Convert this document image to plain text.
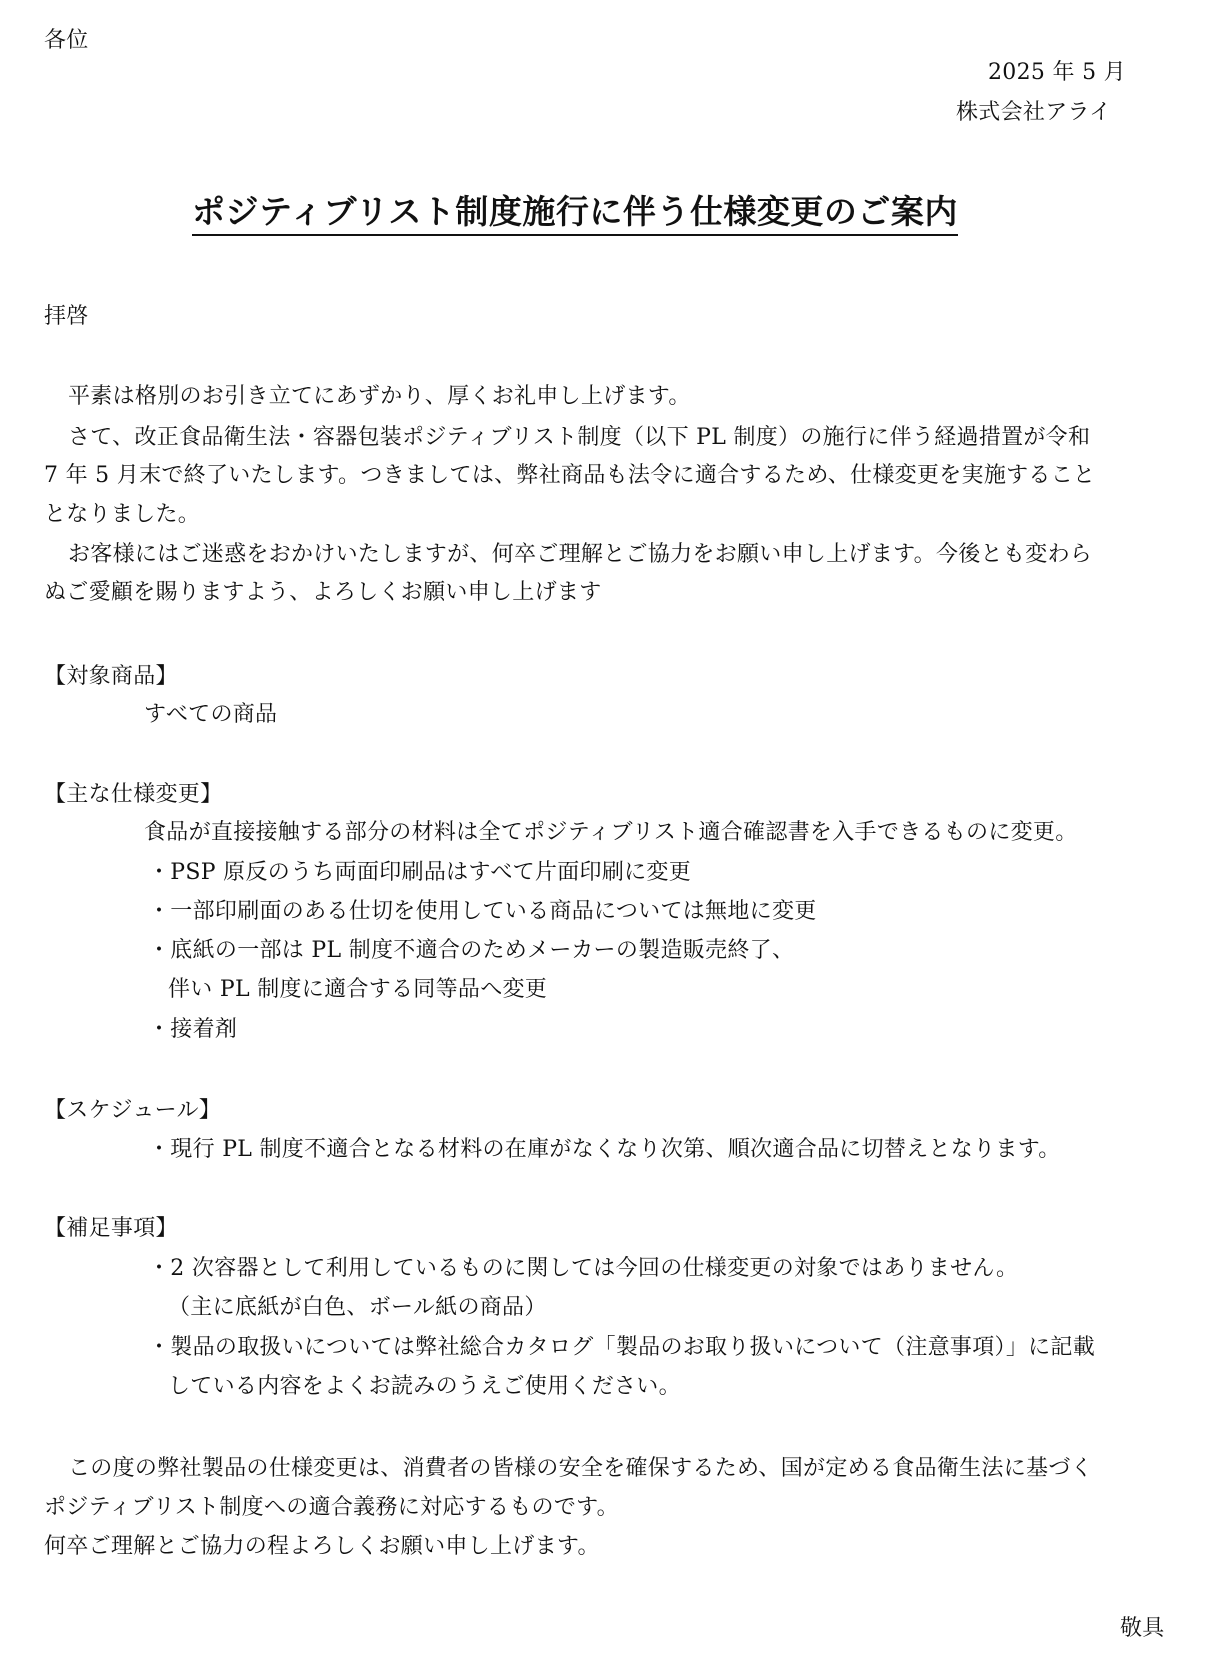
各位
2025 年 5 月
株式会社アライ
ポジティブリスト制度施行に伴う仕様変更のご案内
拝啓
平素は格別のお引き立てにあずかり、厚くお礼申し上げます。
さて、改正食品衛生法・容器包装ポジティブリスト制度（以下 PL 制度）の施行に伴う経過措置が令和
7 年 5 月末で終了いたします。つきましては、弊社商品も法令に適合するため、仕様変更を実施すること
となりました。
お客様にはご迷惑をおかけいたしますが、何卒ご理解とご協力をお願い申し上げます。今後とも変わら
ぬご愛顧を賜りますよう、よろしくお願い申し上げます
【対象商品】
すべての商品
【主な仕様変更】
食品が直接接触する部分の材料は全てポジティブリスト適合確認書を入手できるものに変更。
・PSP 原反のうち両面印刷品はすべて片面印刷に変更
・一部印刷面のある仕切を使用している商品については無地に変更
・底紙の一部は PL 制度不適合のためメーカーの製造販売終了、
伴い PL 制度に適合する同等品へ変更
・接着剤
【スケジュール】
・現行 PL 制度不適合となる材料の在庫がなくなり次第、順次適合品に切替えとなります。
【補足事項】
・2 次容器として利用しているものに関しては今回の仕様変更の対象ではありません。
（主に底紙が白色、ボール紙の商品）
・製品の取扱いについては弊社総合カタログ「製品のお取り扱いについて（注意事項）」に記載
している内容をよくお読みのうえご使用ください。
この度の弊社製品の仕様変更は、消費者の皆様の安全を確保するため、国が定める食品衛生法に基づく
ポジティブリスト制度への適合義務に対応するものです。
何卒ご理解とご協力の程よろしくお願い申し上げます。
敬具
